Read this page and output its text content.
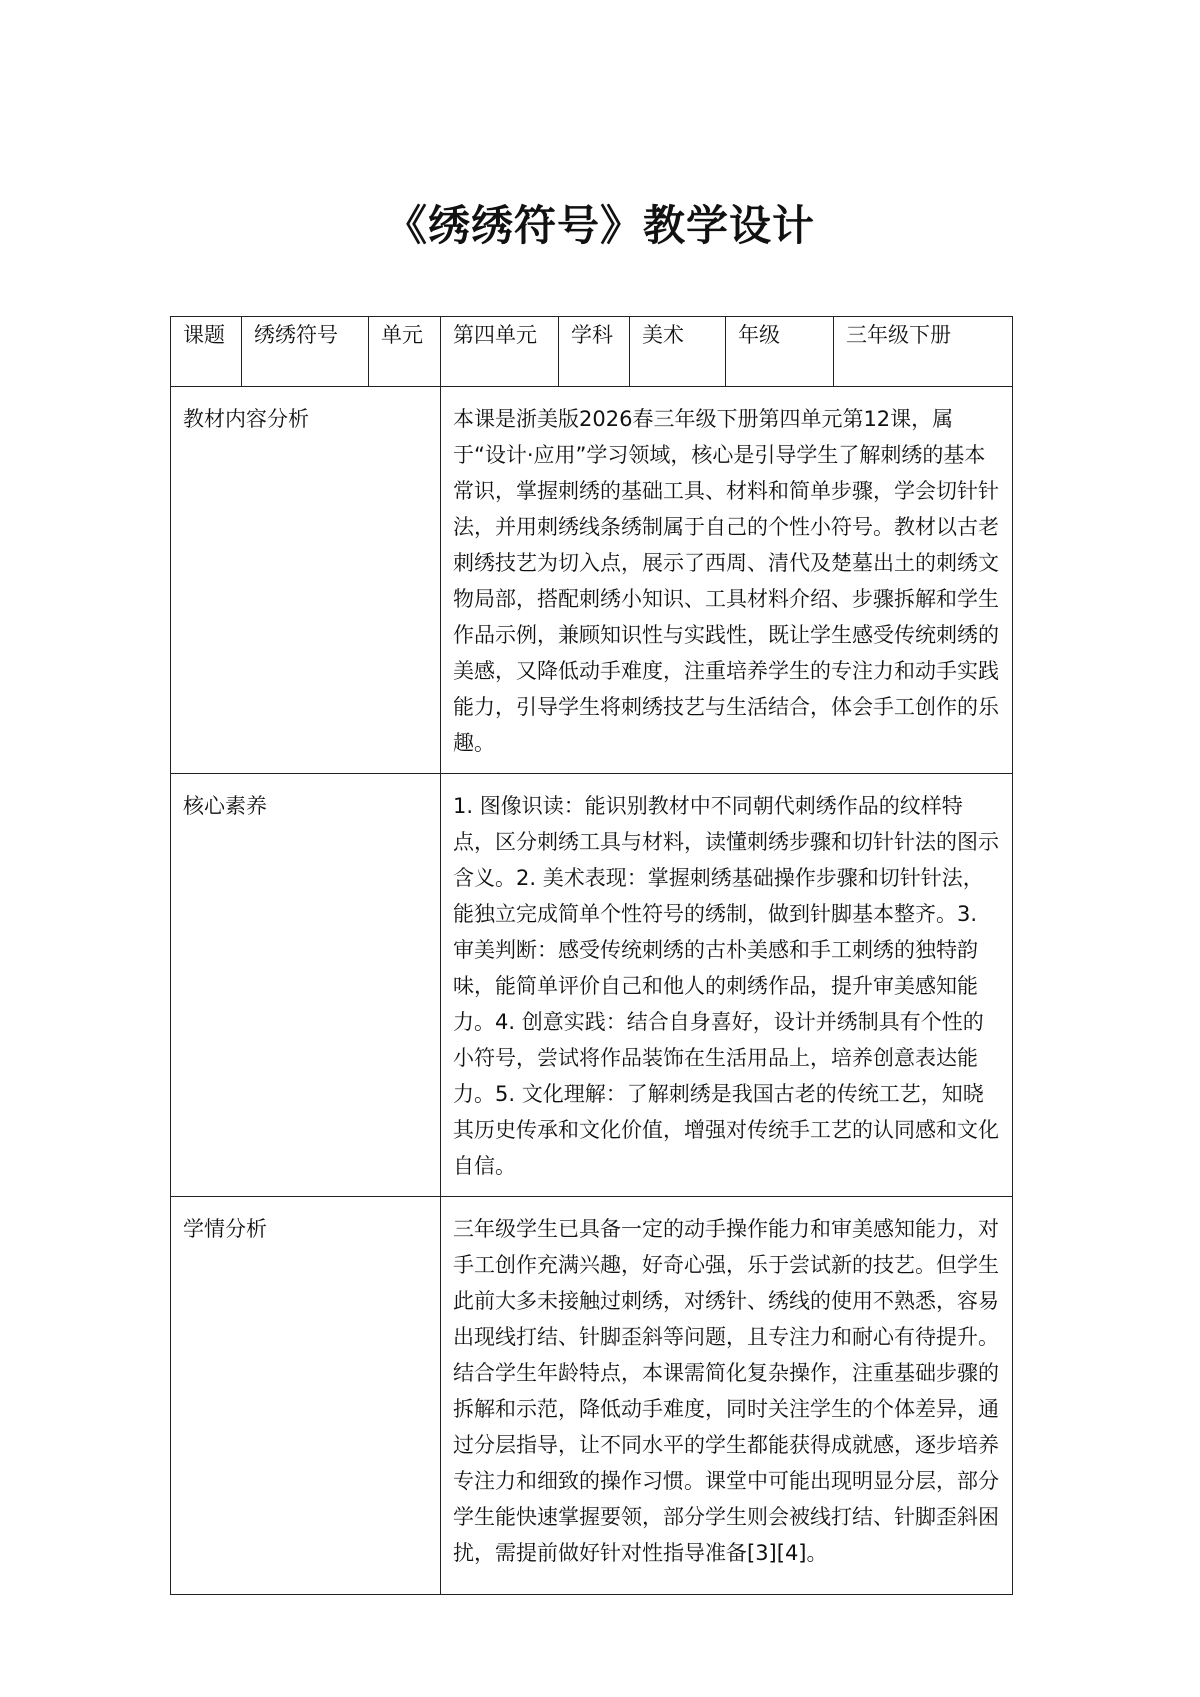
《绣绣符号》教学设计
课题	绣绣符号	单元	第四单元	学科	美术	年级	三年级下册
教材内容分析			本课是浙美版2026春三年级下册第四单元第12课，属于“设计·应用”学习领域，核心是引导学生了解刺绣的基本常识，掌握刺绣的基础工具、材料和简单步骤，学会切针针法，并用刺绣线条绣制属于自己的个性小符号。教材以古老刺绣技艺为切入点，展示了西周、清代及楚墓出土的刺绣文物局部，搭配刺绣小知识、工具材料介绍、步骤拆解和学生作品示例，兼顾知识性与实践性，既让学生感受传统刺绣的美感，又降低动手难度，注重培养学生的专注力和动手实践能力，引导学生将刺绣技艺与生活结合，体会手工创作的乐趣。				
核心素养			1. 图像识读：能识别教材中不同朝代刺绣作品的纹样特点，区分刺绣工具与材料，读懂刺绣步骤和切针针法的图示含义。2. 美术表现：掌握刺绣基础操作步骤和切针针法，能独立完成简单个性符号的绣制，做到针脚基本整齐。3. 审美判断：感受传统刺绣的古朴美感和手工刺绣的独特韵味，能简单评价自己和他人的刺绣作品，提升审美感知能力。4. 创意实践：结合自身喜好，设计并绣制具有个性的小符号，尝试将作品装饰在生活用品上，培养创意表达能力。5. 文化理解：了解刺绣是我国古老的传统工艺，知晓其历史传承和文化价值，增强对传统手工艺的认同感和文化自信。				
学情分析			三年级学生已具备一定的动手操作能力和审美感知能力，对手工创作充满兴趣，好奇心强，乐于尝试新的技艺。但学生此前大多未接触过刺绣，对绣针、绣线的使用不熟悉，容易出现线打结、针脚歪斜等问题，且专注力和耐心有待提升。结合学生年龄特点，本课需简化复杂操作，注重基础步骤的拆解和示范，降低动手难度，同时关注学生的个体差异，通过分层指导，让不同水平的学生都能获得成就感，逐步培养专注力和细致的操作习惯。课堂中可能出现明显分层，部分学生能快速掌握要领，部分学生则会被线打结、针脚歪斜困扰，需提前做好针对性指导准备[3][4]。				
